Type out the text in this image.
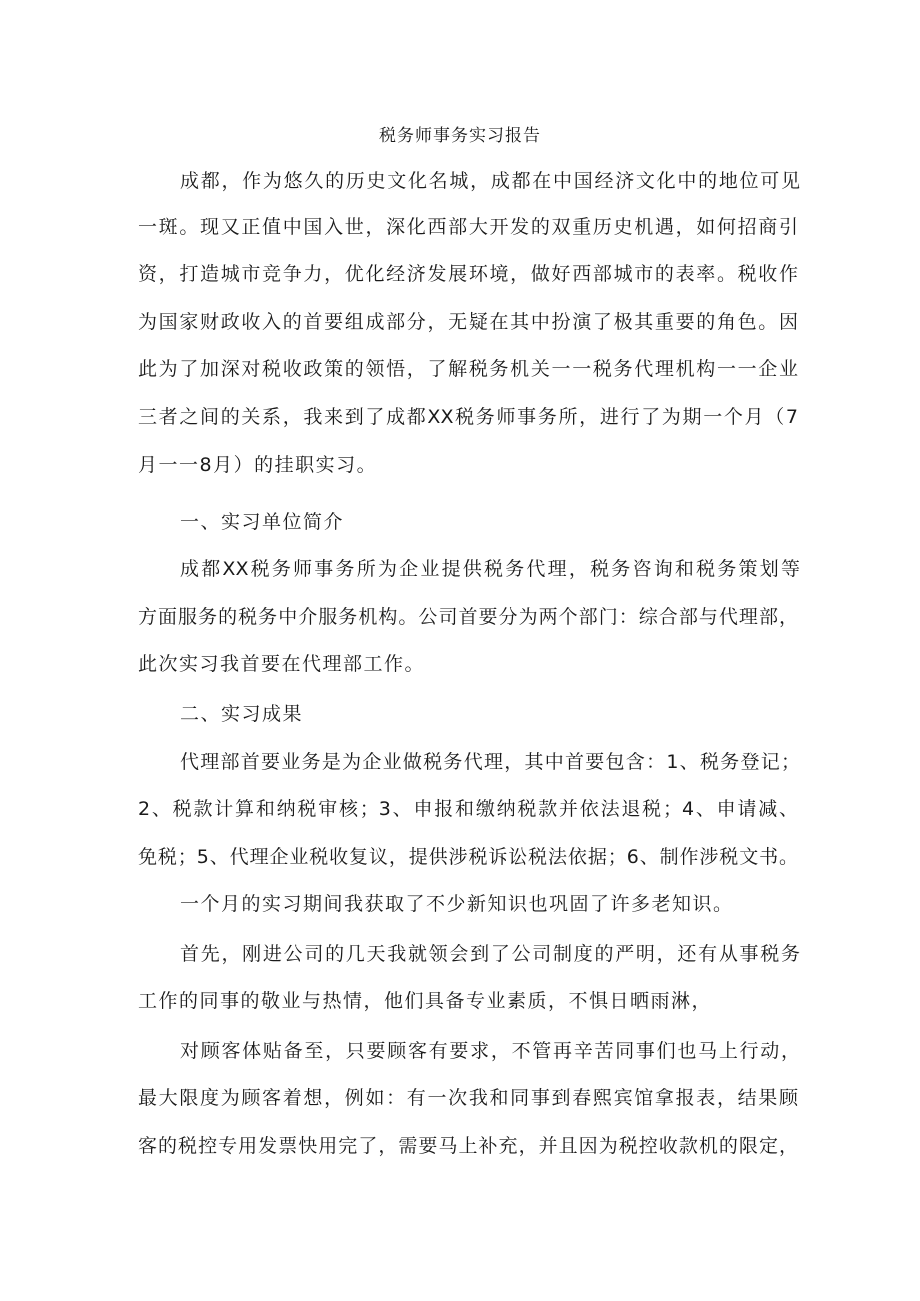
税务师事务实习报告
成都，作为悠久的历史文化名城，成都在中国经济文化中的地位可见
一斑。现又正值中国入世，深化西部大开发的双重历史机遇，如何招商引
资，打造城市竞争力，优化经济发展环境，做好西部城市的表率。税收作
为国家财政收入的首要组成部分，无疑在其中扮演了极其重要的角色。因
此为了加深对税收政策的领悟，了解税务机关一一税务代理机构一一企业
三者之间的关系，我来到了成都XX税务师事务所，进行了为期一个月（7
月一一8月）的挂职实习。
一、实习单位简介
成都XX税务师事务所为企业提供税务代理，税务咨询和税务策划等
方面服务的税务中介服务机构。公司首要分为两个部门：综合部与代理部，
此次实习我首要在代理部工作。
二、实习成果
代理部首要业务是为企业做税务代理，其中首要包含：1、税务登记；
2、税款计算和纳税审核；3、申报和缴纳税款并依法退税；4、申请减、
免税；5、代理企业税收复议，提供涉税诉讼税法依据；6、制作涉税文书。
一个月的实习期间我获取了不少新知识也巩固了许多老知识。
首先，刚进公司的几天我就领会到了公司制度的严明，还有从事税务
工作的同事的敬业与热情，他们具备专业素质，不惧日晒雨淋，
对顾客体贴备至，只要顾客有要求，不管再辛苦同事们也马上行动，
最大限度为顾客着想，例如：有一次我和同事到春熙宾馆拿报表，结果顾
客的税控专用发票快用完了，需要马上补充，并且因为税控收款机的限定，
